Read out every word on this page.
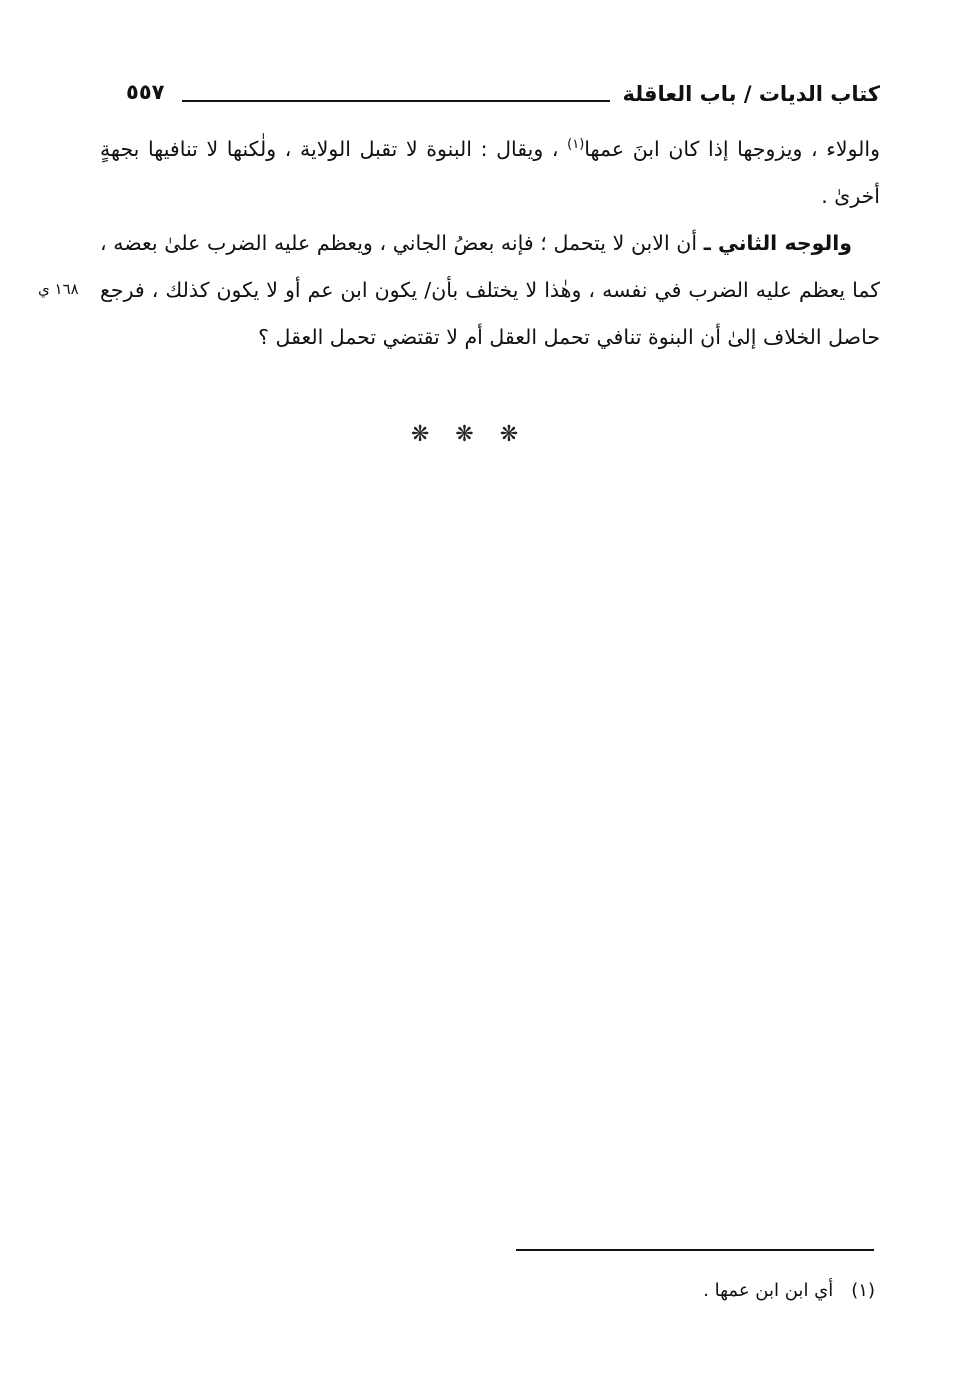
كتاب الديات / باب العاقلة
٥٥٧

والولاء ، ويزوجها إذا كان ابنَ عمها$^{(١)}$ ، ويقال : البنوة لا تقبل الولاية ، ولٰكنها لا تنافيها بجهةٍ أخرىٰ .

والوجه الثاني ـ أن الابن لا يتحمل ؛ فإنه بعضُ الجاني ، ويعظم عليه الضرب علىٰ بعضه ، كما يعظم عليه الضرب في نفسه ، وهٰذا لا يختلف بأن/ يكون ابن عم أو لا يكون كذلك ، فرجع حاصل الخلاف إلىٰ أن البنوة تنافي تحمل العقل أم لا تقتضي تحمل العقل ؟

١٦٨ ي
❋❋❋
(١)أي ابن ابن عمها .
